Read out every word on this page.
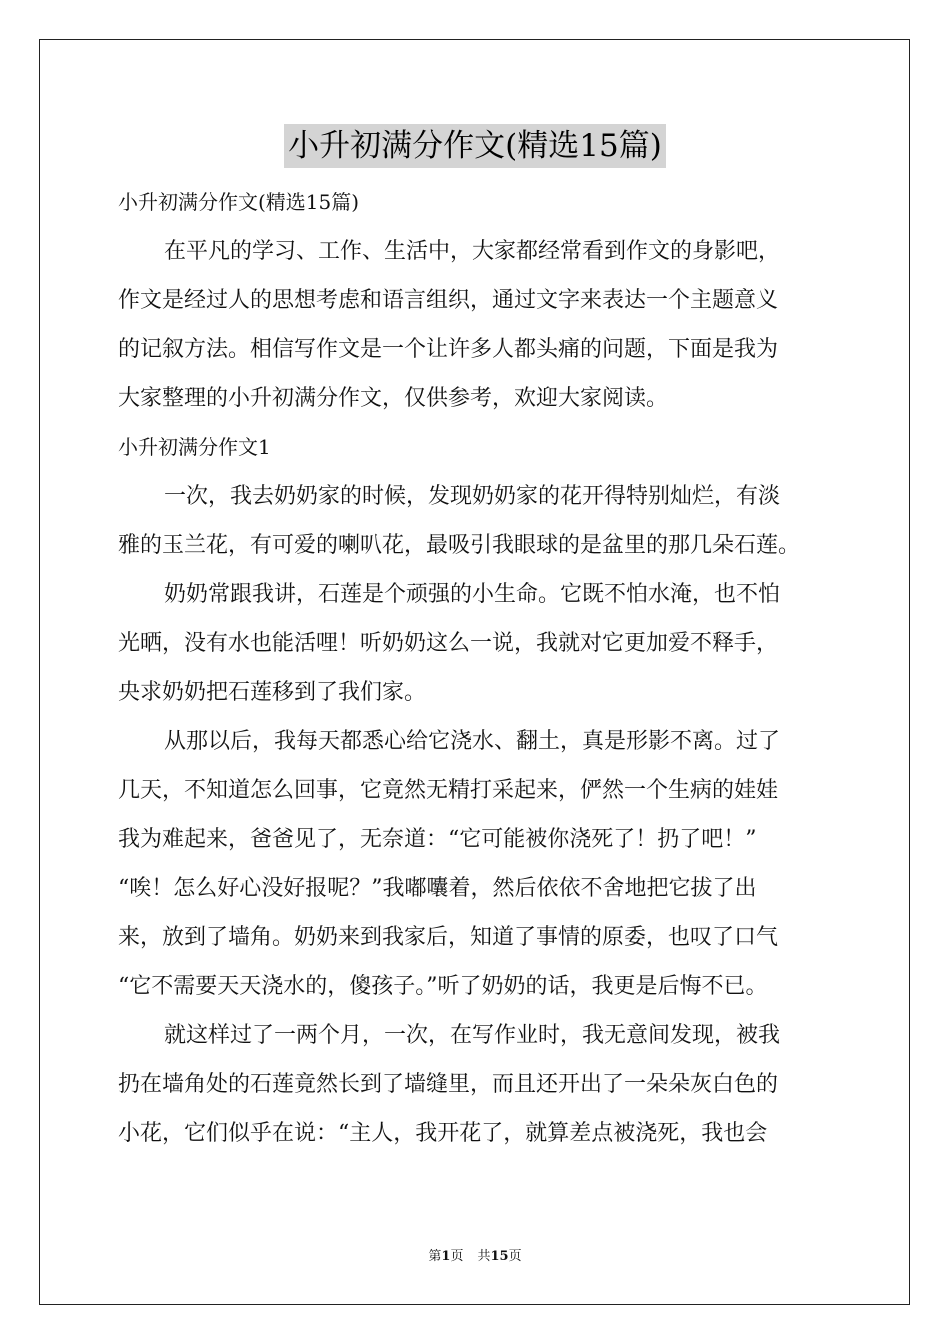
小升初满分作文(精选15篇)
小升初满分作文(精选15篇)
在平凡的学习、工作、生活中，大家都经常看到作文的身影吧，
作文是经过人的思想考虑和语言组织，通过文字来表达一个主题意义
的记叙方法。相信写作文是一个让许多人都头痛的问题，下面是我为
大家整理的小升初满分作文，仅供参考，欢迎大家阅读。
小升初满分作文1
一次，我去奶奶家的时候，发现奶奶家的花开得特别灿烂，有淡
雅的玉兰花，有可爱的喇叭花，最吸引我眼球的是盆里的那几朵石莲。
奶奶常跟我讲，石莲是个顽强的小生命。它既不怕水淹，也不怕
光晒，没有水也能活哩！听奶奶这么一说，我就对它更加爱不释手，
央求奶奶把石莲移到了我们家。
从那以后，我每天都悉心给它浇水、翻土，真是形影不离。过了
几天，不知道怎么回事，它竟然无精打采起来，俨然一个生病的娃娃
我为难起来，爸爸见了，无奈道：“它可能被你浇死了！扔了吧！”
“唉！怎么好心没好报呢？”我嘟囔着，然后依依不舍地把它拔了出
来，放到了墙角。奶奶来到我家后，知道了事情的原委，也叹了口气
“它不需要天天浇水的，傻孩子。”听了奶奶的话，我更是后悔不已。
就这样过了一两个月，一次，在写作业时，我无意间发现，被我
扔在墙角处的石莲竟然长到了墙缝里，而且还开出了一朵朵灰白色的
小花，它们似乎在说：“主人，我开花了，就算差点被浇死，我也会
第1页 共15页
